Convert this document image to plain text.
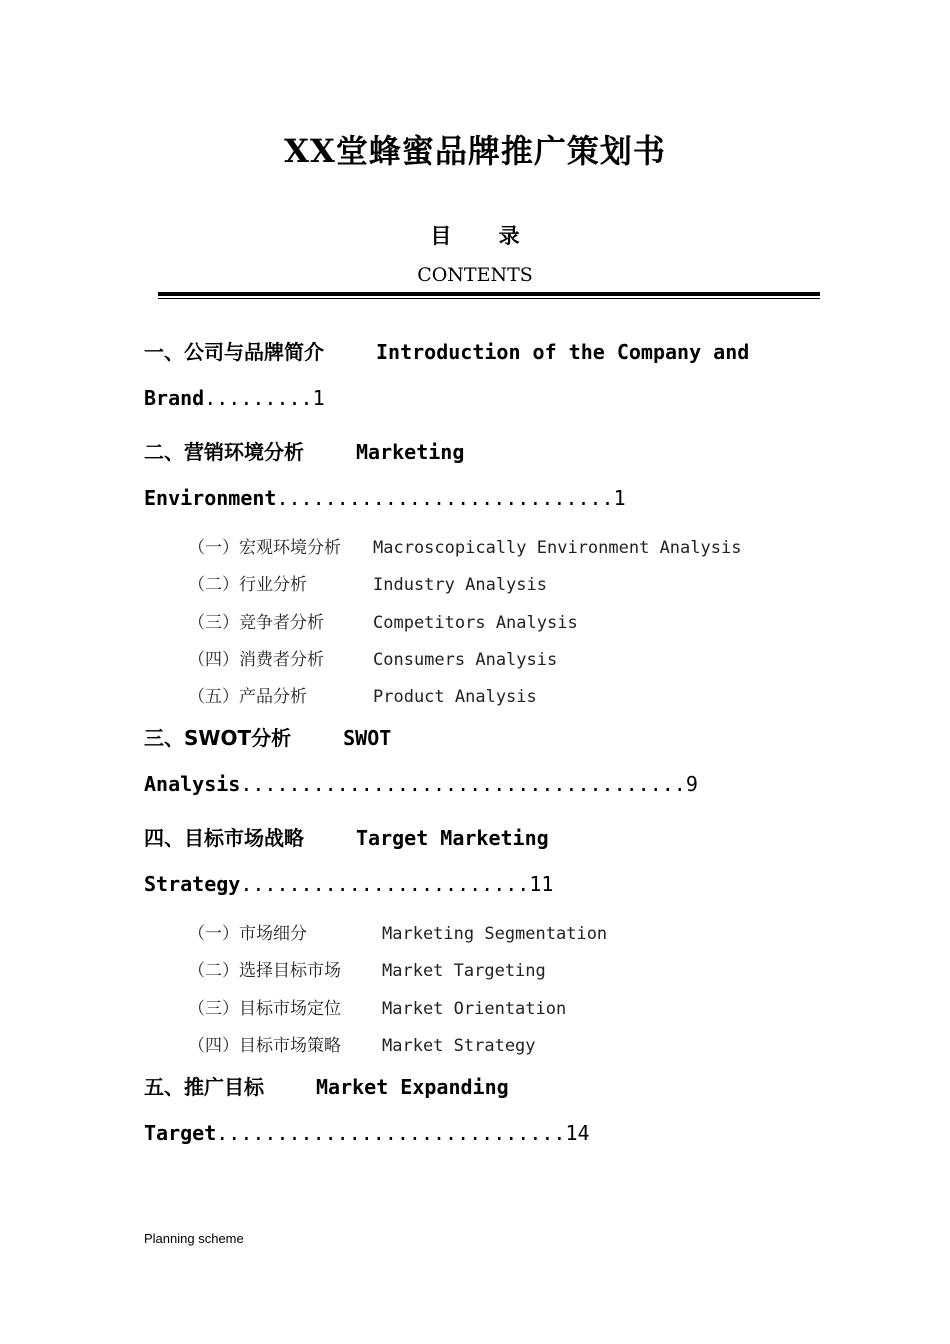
XX堂蜂蜜品牌推广策划书
目 录
CONTENTS
一、公司与品牌简介	Introduction of the Company and
Brand.........1
二、营销环境分析	Marketing
Environment............................1
（一）宏观环境分析 Macroscopically Environment Analysis
（二）行业分析	Industry Analysis
（三）竞争者分析	Competitors Analysis
（四）消费者分析	Consumers Analysis
（五）产品分析	Product Analysis
三、SWOT分析	SWOT
Analysis.....................................9
四、目标市场战略	Target Marketing
Strategy........................11
（一）市场细分	Marketing Segmentation
（二）选择目标市场 Market Targeting
（三）目标市场定位 Market Orientation
（四）目标市场策略 Market Strategy
五、推广目标	Market Expanding
Target.............................14
Planning scheme
